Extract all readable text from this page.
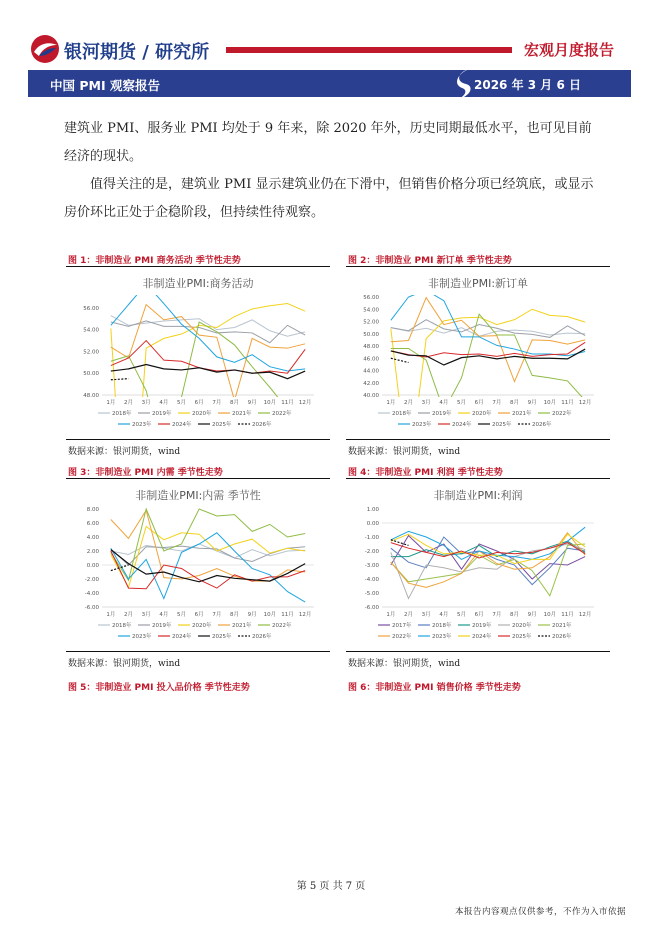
银河期货 / 研究所	宏观月度报告
中国 PMI 观察报告	2026 年 3 月 6 日
建筑业 PMI、服务业 PMI 均处于 9 年来，除 2020 年外，历史同期最低水平，也可见目前经济的现状。
值得关注的是，建筑业 PMI 显示建筑业仍在下滑中，但销售价格分项已经筑底，或显示房价环比正处于企稳阶段，但持续性待观察。
图 1：非制造业 PMI 商务活动 季节性走势	图 2：非制造业 PMI 新订单 季节性走势
非制造业PMI:商务活动
48.00
50.00
52.00
54.00
56.00
1月 2月 3月 4月 5月 6月 7月 8月 9月 10月 11月 12月
2018年	2019年	2020年	2021年	2022年
2023年	2024年	2025年	2026年
非制造业PMI:新订单
40.00
42.00
44.00
46.00
48.00
50.00
52.00
54.00
56.00
1月 2月 3月 4月 5月 6月 7月 8月 9月 10月 11月 12月
2018年	2019年	2020年	2021年	2022年
2023年	2024年	2025年	2026年
数据来源：银河期货，wind	数据来源：银河期货，wind
图 3：非制造业 PMI 内需 季节性走势	图 4：非制造业 PMI 利润 季节性走势
非制造业PMI:内需 季节性
-6.00
-4.00
-2.00
0.00
2.00
4.00
6.00
8.00
1月 2月 3月 4月 5月 6月 7月 8月 9月 10月 11月 12月
2018年	2019年	2020年	2021年	2022年
2023年	2024年	2025年	2026年
非制造业PMI:利润
-6.00
-5.00
-4.00
-3.00
-2.00
-1.00
0.00
1.00
1月 2月 3月 4月 5月 6月 7月 8月 9月 10月 11月 12月
2017年	2018年	2019年	2020年	2021年
2022年	2023年	2024年	2025年	2026年
数据来源：银河期货，wind	数据来源：银河期货，wind
图 5：非制造业 PMI 投入品价格 季节性走势	图 6：非制造业 PMI 销售价格 季节性走势
第 5 页 共 7 页
本报告内容观点仅供参考，不作为入市依据
